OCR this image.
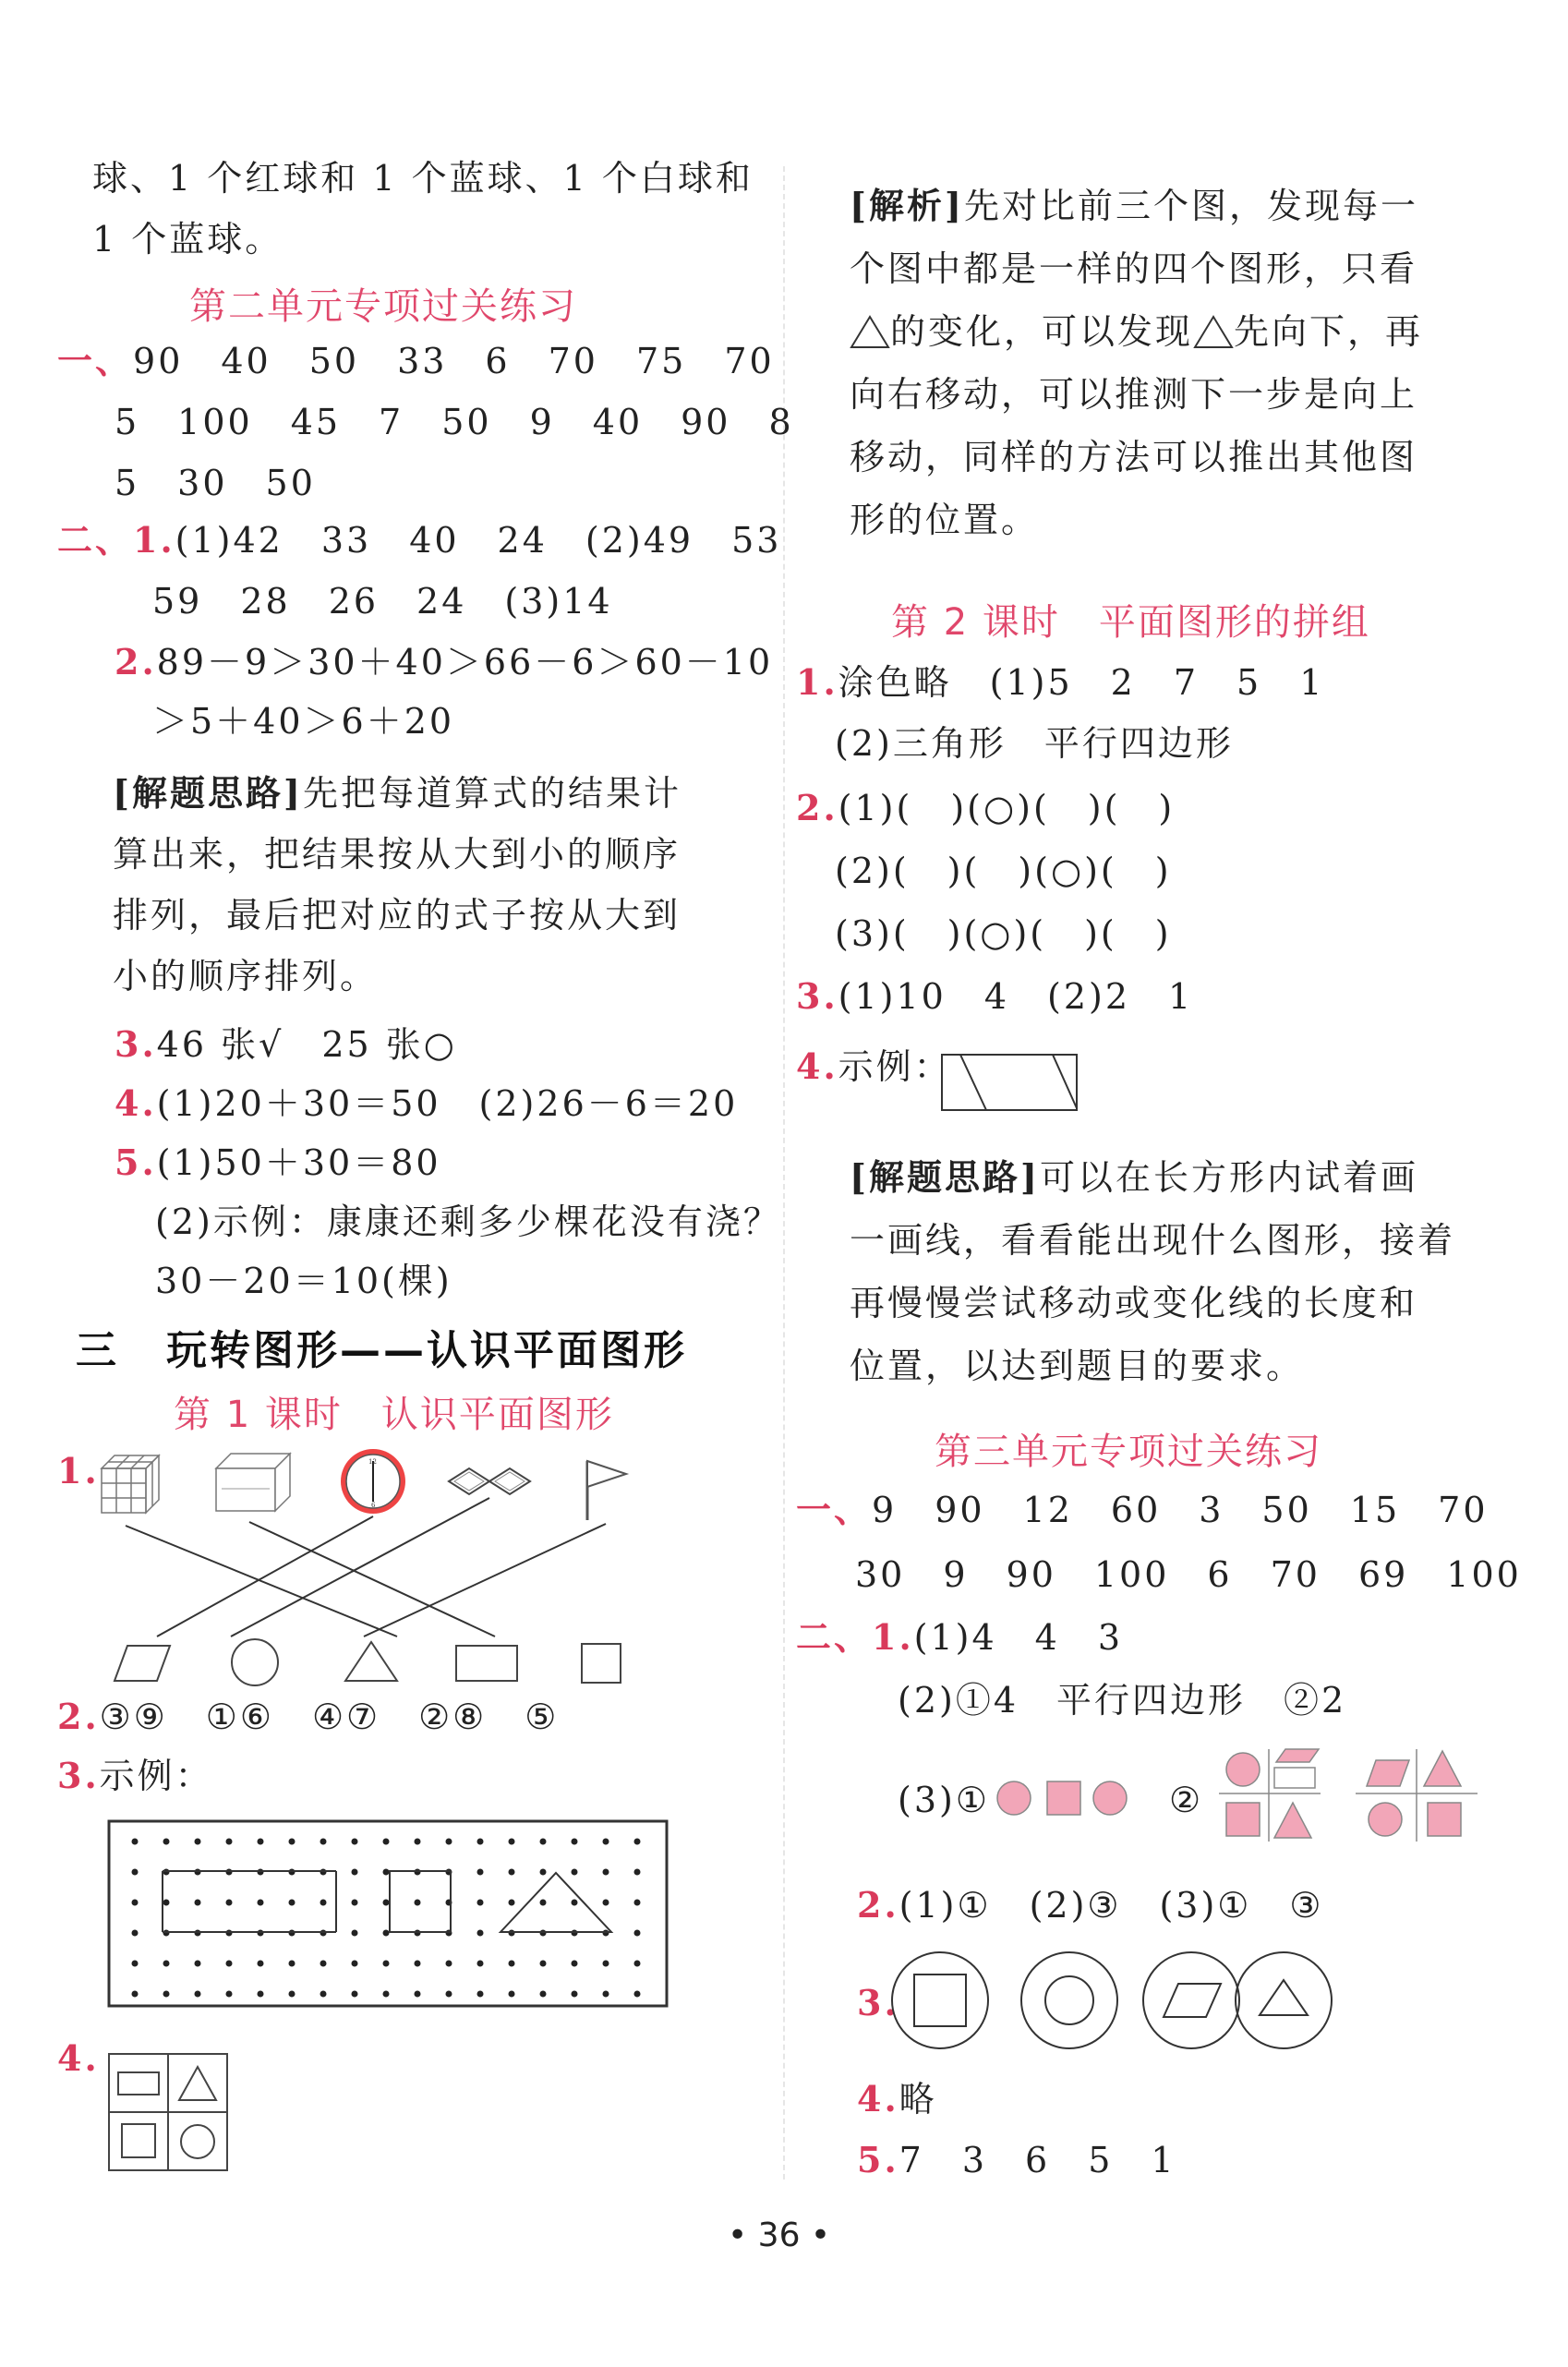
球、1 个红球和 1 个蓝球、1 个白球和
1 个蓝球。
第二单元专项过关练习
一、90　40　50　33　6　70　75　70
5　100　45　7　50　9　40　90　8
5　30　50
二、1.(1)42　33　40　24　(2)49　53
59　28　26　24　(3)14
2.89－9＞30＋40＞66－6＞60－10
＞5＋40＞6＋20
[解题思路]先把每道算式的结果计
算出来，把结果按从大到小的顺序
排列，最后把对应的式子按从大到
小的顺序排列。
3.46 张√　25 张○
4.(1)20＋30＝50　(2)26－6＝20
5.(1)50＋30＝80
(2)示例：康康还剩多少棵花没有浇？
30－20＝10(棵)
三 玩转图形——认识平面图形
第 1 课时　认识平面图形
1.	12
6
2.③⑨　①⑥　④⑦　②⑧　⑤
3.示例：
4.
[解析]先对比前三个图，发现每一
个图中都是一样的四个图形，只看
的变化，可以发现 先向下，再
向右移动，可以推测下一步是向上
移动，同样的方法可以推出其他图
形的位置。
第 2 课时　平面图形的拼组
1.涂色略　(1)5　2　7　5　1
(2)三角形　平行四边形
2.(1)(　)(○)(　)(　)
(2)(　)(　)(○)(　)
(3)(　)(○)(　)(　)
3.(1)10　4　(2)2　1
4.示例：
[解题思路]可以在长方形内试着画
一画线，看看能出现什么图形，接着
再慢慢尝试移动或变化线的长度和
位置，以达到题目的要求。
第三单元专项过关练习
一、9　90　12　60　3　50　15　70
30　9　90　100　6　70　69　100
二、1.(1)4　4　3
(2)①4　平行四边形　②2
(3)①	②
2.(1)①　(2)③　(3)①　③
3.
4.略
5.7　3　6　5　1
• 36 •
